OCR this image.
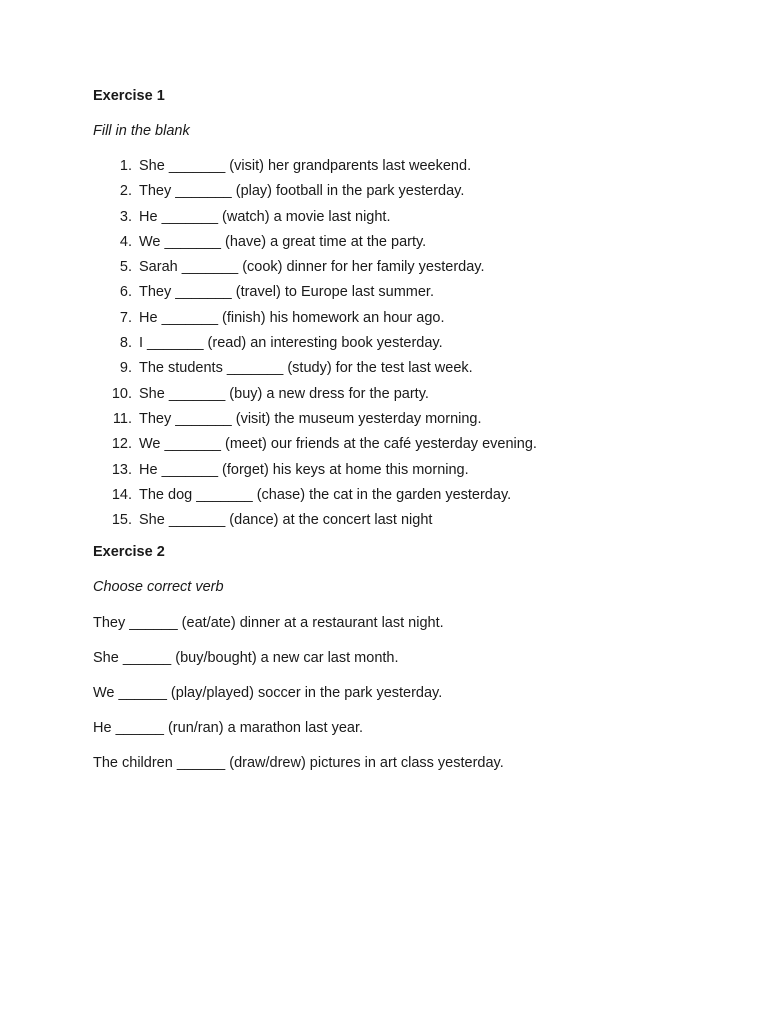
Exercise 1
Fill in the blank
1. She _______ (visit) her grandparents last weekend.
2. They _______ (play) football in the park yesterday.
3. He _______ (watch) a movie last night.
4. We _______ (have) a great time at the party.
5. Sarah _______ (cook) dinner for her family yesterday.
6. They _______ (travel) to Europe last summer.
7. He _______ (finish) his homework an hour ago.
8. I _______ (read) an interesting book yesterday.
9. The students _______ (study) for the test last week.
10. She _______ (buy) a new dress for the party.
11. They _______ (visit) the museum yesterday morning.
12. We _______ (meet) our friends at the café yesterday evening.
13. He _______ (forget) his keys at home this morning.
14. The dog _______ (chase) the cat in the garden yesterday.
15. She _______ (dance) at the concert last night
Exercise 2
Choose correct verb
They ______ (eat/ate) dinner at a restaurant last night.
She ______ (buy/bought) a new car last month.
We ______ (play/played) soccer in the park yesterday.
He ______ (run/ran) a marathon last year.
The children ______ (draw/drew) pictures in art class yesterday.
